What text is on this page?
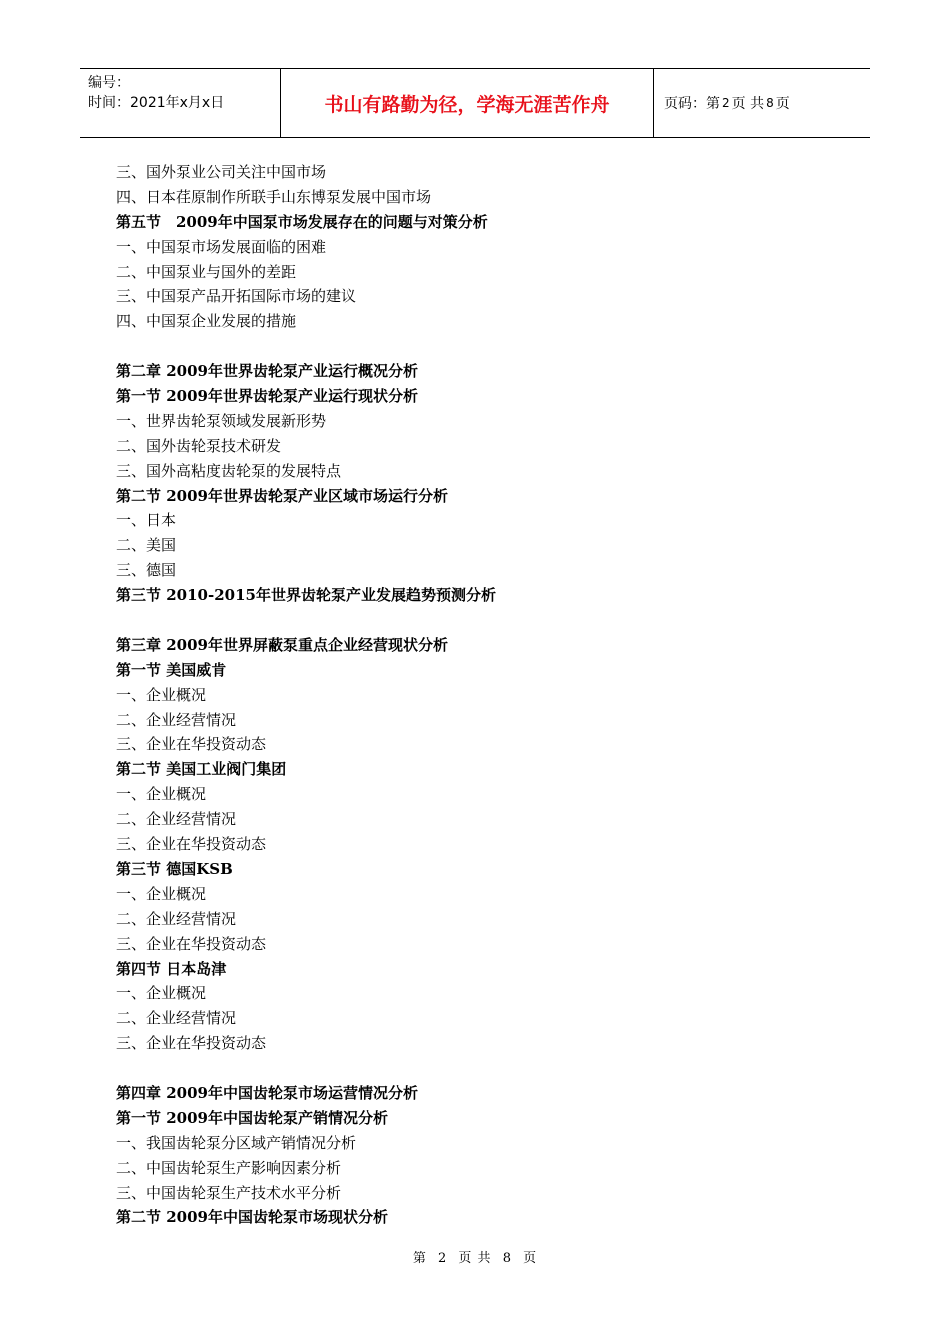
编号：
时间：2021年x月x日	书山有路勤为径，学海无涯苦作舟	页码：第 2 页 共 8 页
三、国外泵业公司关注中国市场
四、日本荏原制作所联手山东博泵发展中国市场
第五节　2009年中国泵市场发展存在的问题与对策分析
一、中国泵市场发展面临的困难
二、中国泵业与国外的差距
三、中国泵产品开拓国际市场的建议
四、中国泵企业发展的措施
第二章 2009年世界齿轮泵产业运行概况分析
第一节 2009年世界齿轮泵产业运行现状分析
一、世界齿轮泵领域发展新形势
二、国外齿轮泵技术研发
三、国外高粘度齿轮泵的发展特点
第二节 2009年世界齿轮泵产业区域市场运行分析
一、日本
二、美国
三、德国
第三节 2010-2015年世界齿轮泵产业发展趋势预测分析
第三章 2009年世界屏蔽泵重点企业经营现状分析
第一节 美国威肯
一、企业概况
二、企业经营情况
三、企业在华投资动态
第二节 美国工业阀门集团
一、企业概况
二、企业经营情况
三、企业在华投资动态
第三节 德国KSB
一、企业概况
二、企业经营情况
三、企业在华投资动态
第四节 日本岛津
一、企业概况
二、企业经营情况
三、企业在华投资动态
第四章 2009年中国齿轮泵市场运营情况分析
第一节 2009年中国齿轮泵产销情况分析
一、我国齿轮泵分区域产销情况分析
二、中国齿轮泵生产影响因素分析
三、中国齿轮泵生产技术水平分析
第二节 2009年中国齿轮泵市场现状分析
第 2 页 共 8 页
